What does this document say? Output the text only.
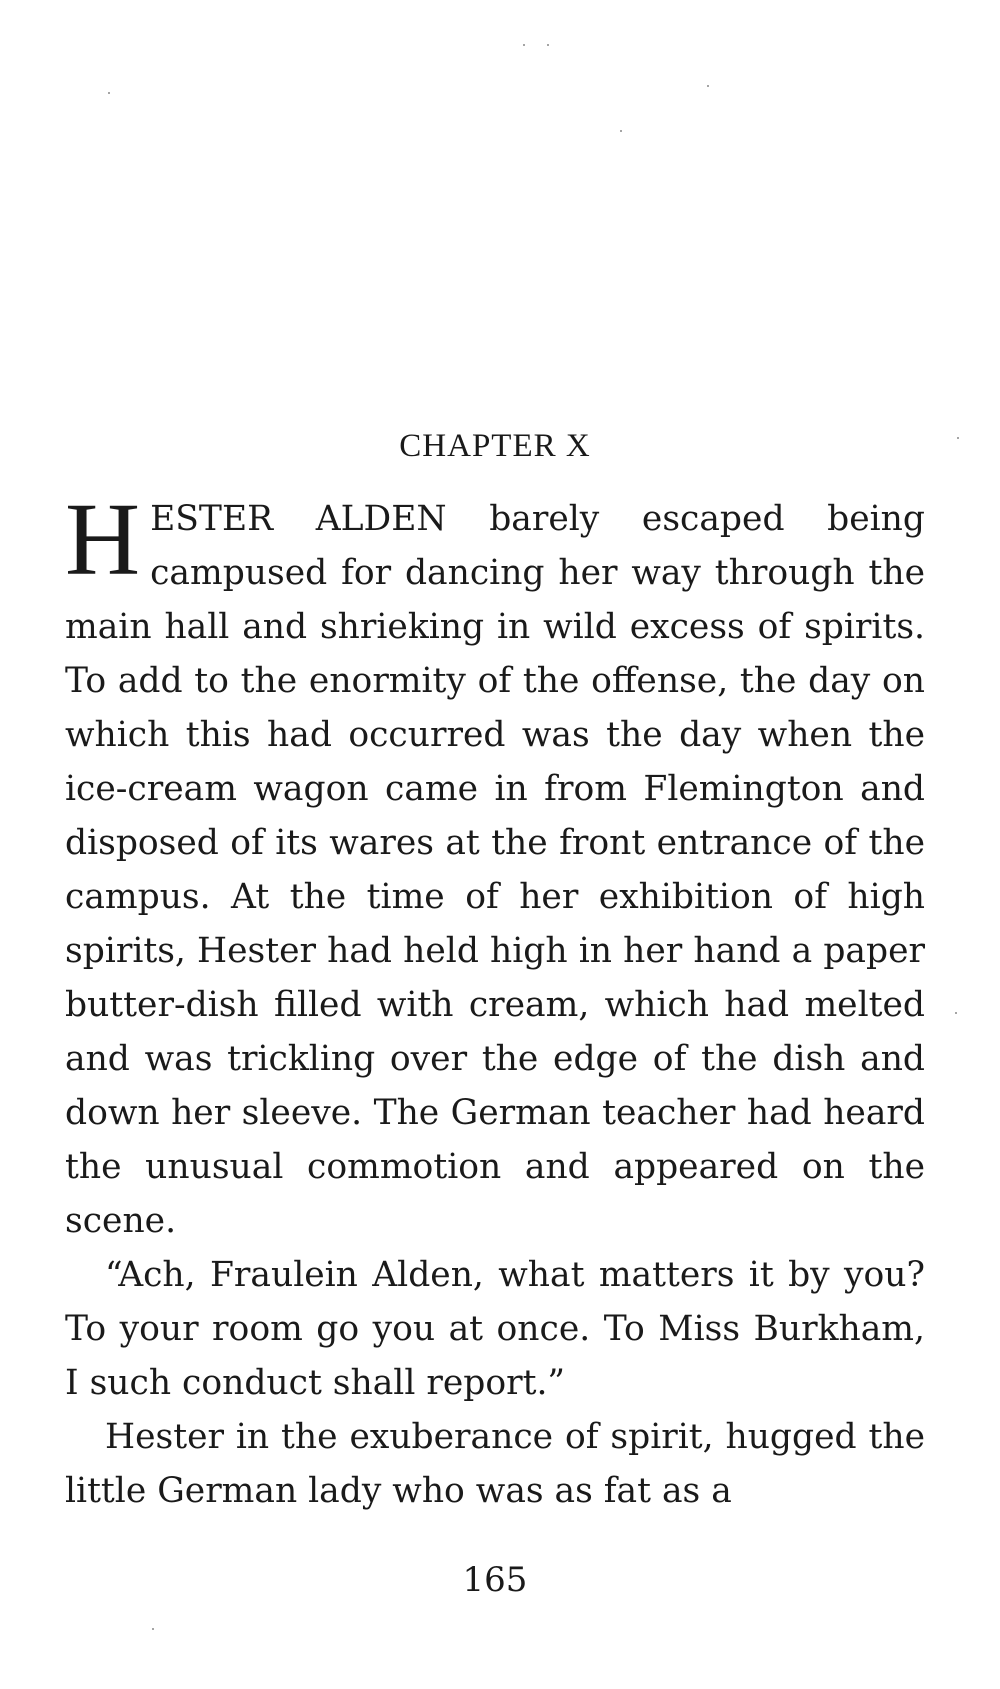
CHAPTER X

HESTER ALDEN barely escaped being campused for dancing her way through the main hall and shrieking in wild excess of spirits. To add to the enormity of the offense, the day on which this had occurred was the day when the ice-cream wagon came in from Flemington and disposed of its wares at the front entrance of the campus. At the time of her exhibition of high spirits, Hester had held high in her hand a paper butter-dish filled with cream, which had melted and was trickling over the edge of the dish and down her sleeve. The German teacher had heard the unusual commotion and appeared on the scene.

“Ach, Fraulein Alden, what matters it by you? To your room go you at once. To Miss Burkham, I such conduct shall report.”

Hester in the exuberance of spirit, hugged the little German lady who was as fat as a

165
